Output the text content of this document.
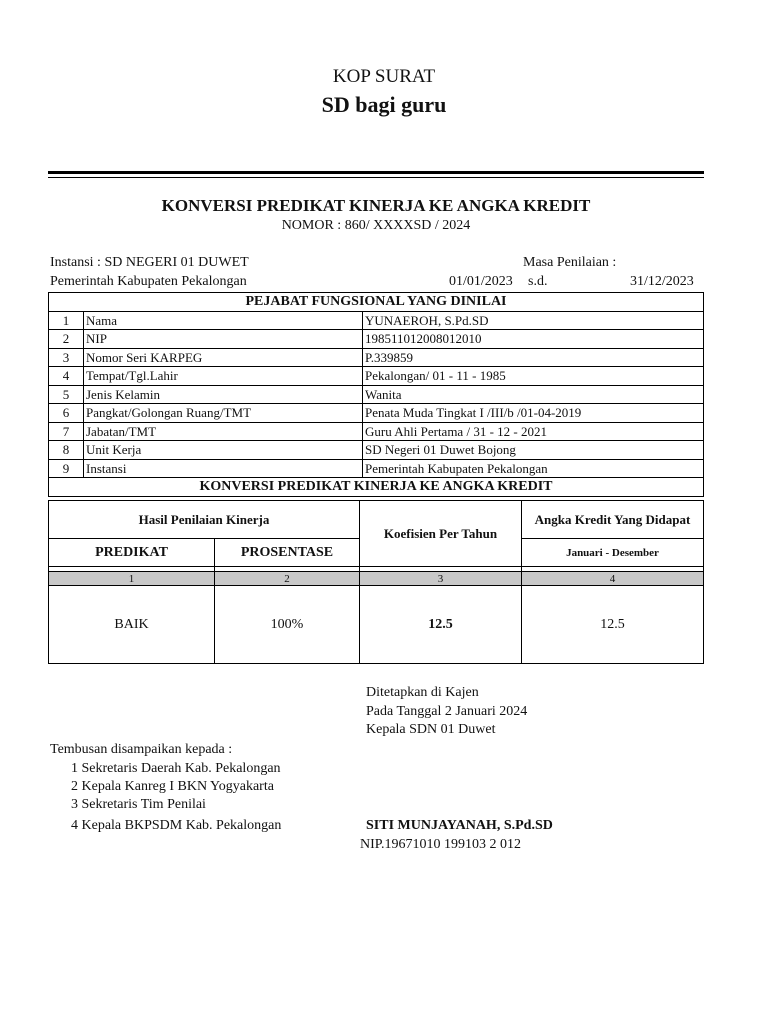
KOP SURAT
SD bagi guru
KONVERSI PREDIKAT KINERJA KE ANGKA KREDIT
NOMOR : 860/ XXXXSD / 2024
Instansi : SD NEGERI 01 DUWET
Pemerintah Kabupaten Pekalongan
Masa Penilaian :
01/01/2023 s.d.	31/12/2023
PEJABAT FUNGSIONAL YANG DINILAI		
1	Nama	YUNAEROH, S.Pd.SD
2	NIP	198511012008012010
3	Nomor Seri KARPEG	P.339859
4	Tempat/Tgl.Lahir	Pekalongan/ 01 - 11 - 1985
5	Jenis Kelamin	Wanita
6	Pangkat/Golongan Ruang/TMT	Penata Muda Tingkat I /III/b /01-04-2019
7	Jabatan/TMT	Guru Ahli Pertama / 31 - 12 - 2021
8	Unit Kerja	SD Negeri 01 Duwet Bojong
9	Instansi	Pemerintah Kabupaten Pekalongan
KONVERSI PREDIKAT KINERJA KE ANGKA KREDIT		
Hasil Penilaian Kinerja		Koefisien Per Tahun	Angka Kredit Yang Didapat
PREDIKAT	PROSENTASE		Januari - Desember

1	2	3	4
BAIK	100%	12.5	12.5
Ditetapkan di Kajen
Pada Tanggal 2 Januari 2024
Kepala SDN 01 Duwet
SITI MUNJAYANAH, S.Pd.SD
NIP.19671010 199103 2 012
Tembusan disampaikan kepada :
1 Sekretaris Daerah Kab. Pekalongan
2 Kepala Kanreg I BKN Yogyakarta
3 Sekretaris Tim Penilai
4 Kepala BKPSDM Kab. Pekalongan
